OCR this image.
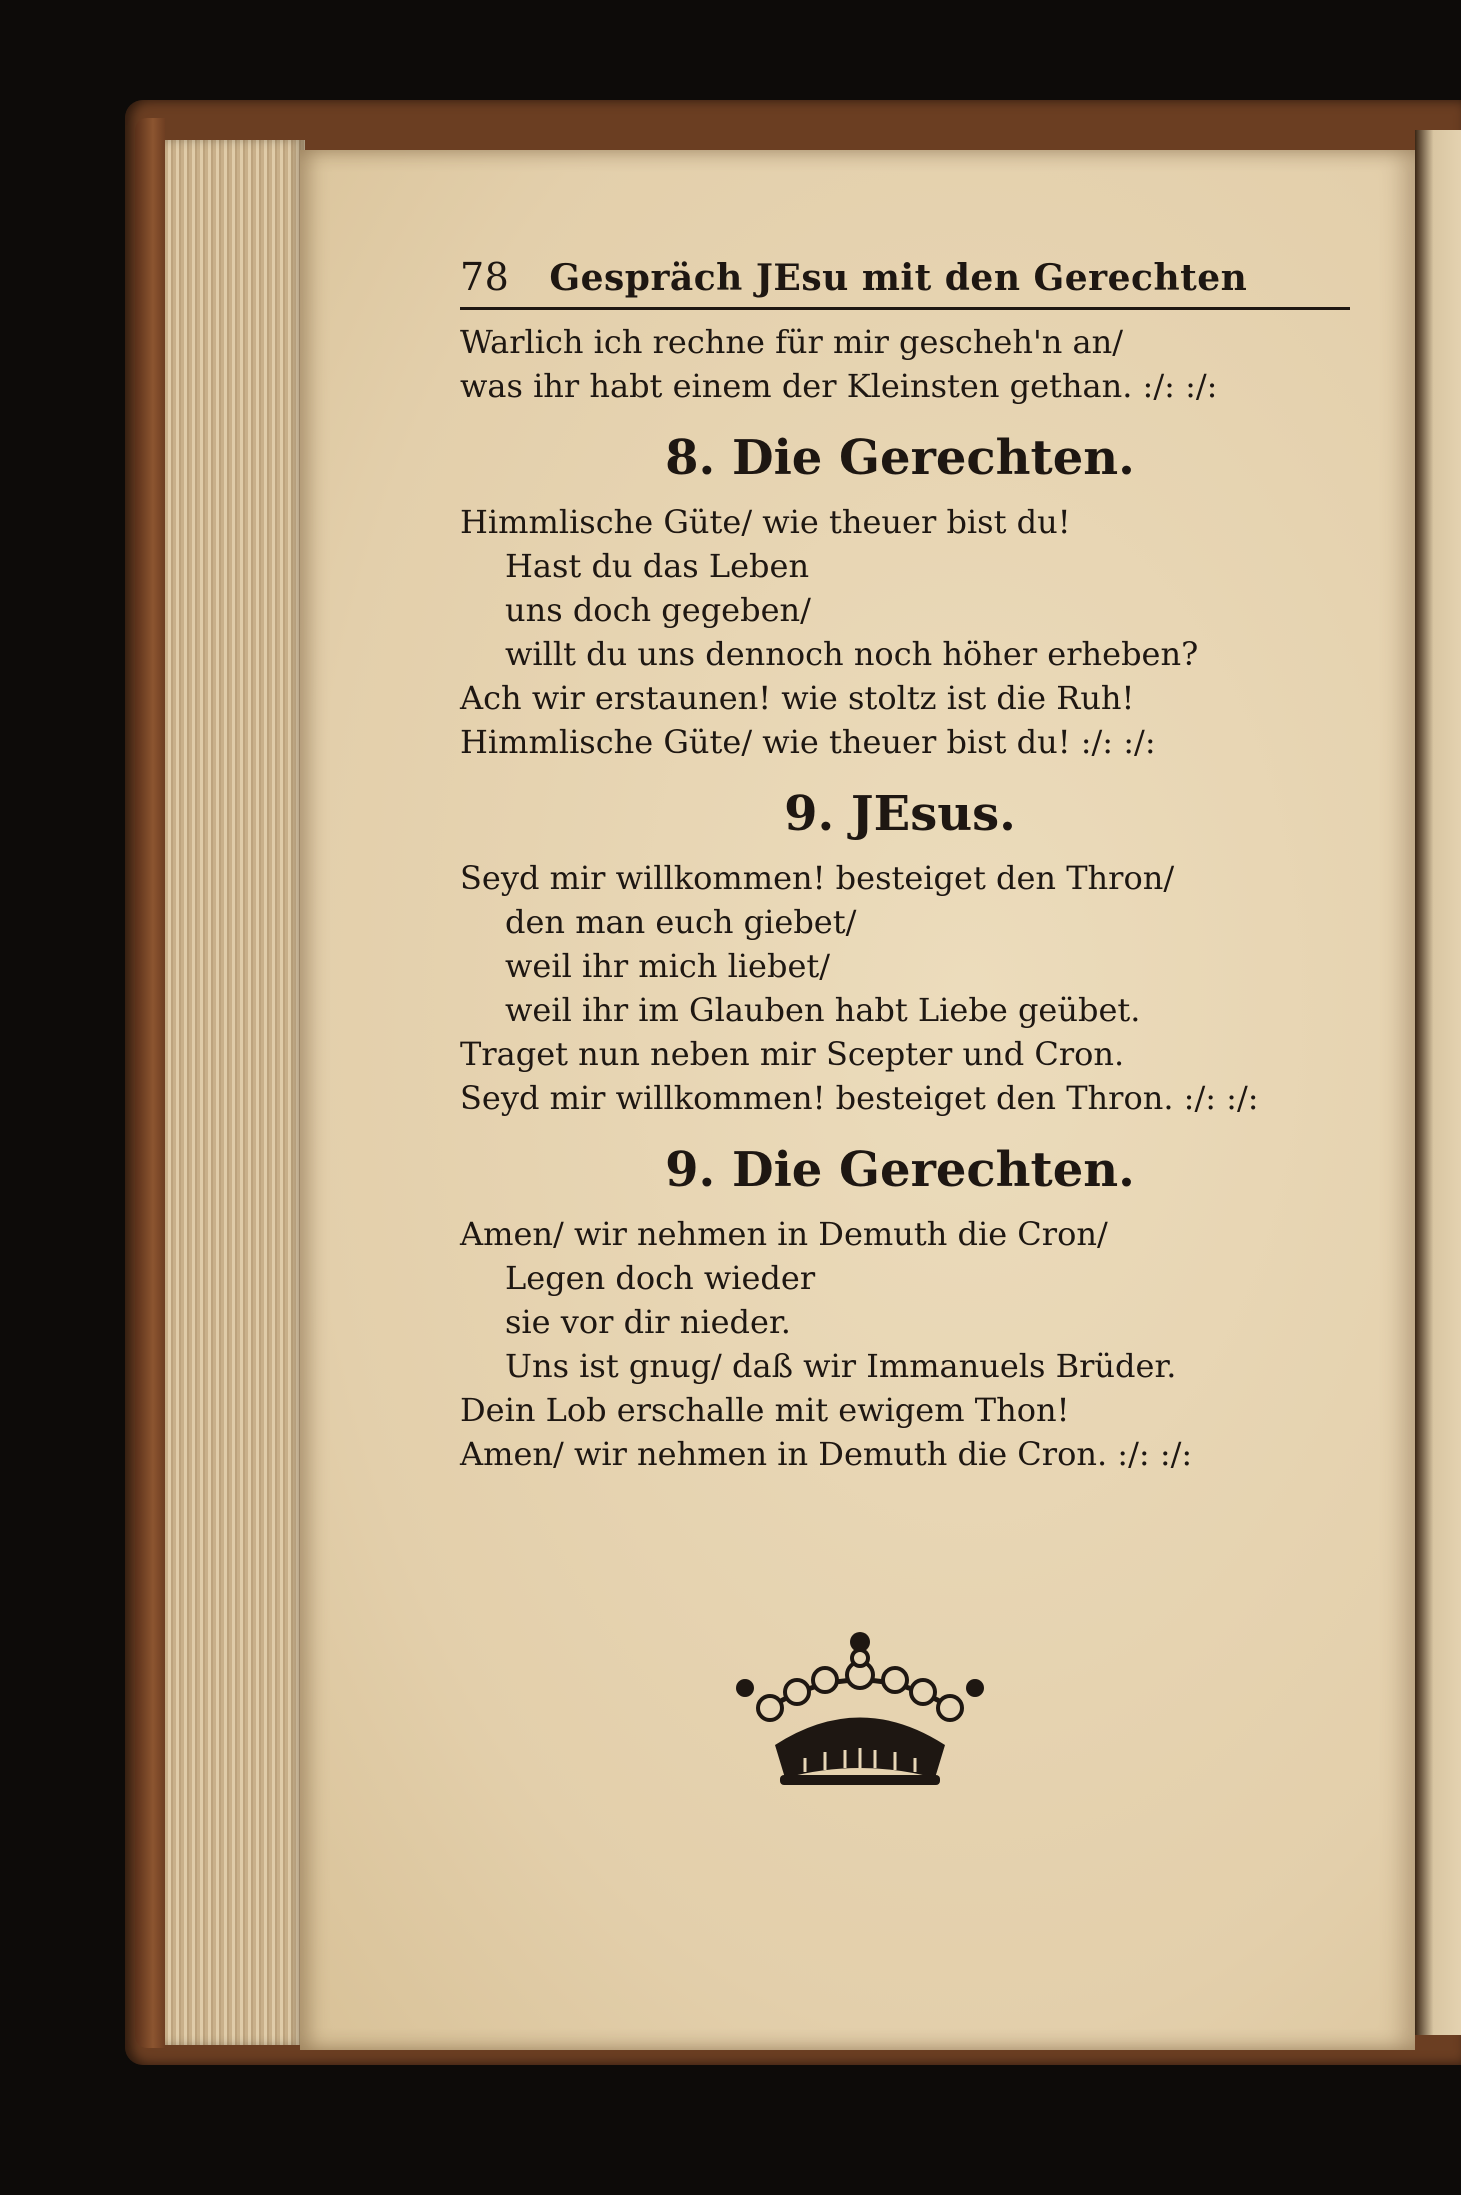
78 Gespräch JEsu mit den Gerechten
Warlich ich rechne für mir gescheh'n an/
was ihr habt einem der Kleinsten gethan. :/: :/:
8. Die Gerechten.
Himmlische Güte/ wie theuer bist du!
Hast du das Leben
uns doch gegeben/
willt du uns dennoch noch höher erheben?
Ach wir erstaunen! wie stoltz ist die Ruh!
Himmlische Güte/ wie theuer bist du! :/: :/:
9. JEsus.
Seyd mir willkommen! besteiget den Thron/
den man euch giebet/
weil ihr mich liebet/
weil ihr im Glauben habt Liebe geübet.
Traget nun neben mir Scepter und Cron.
Seyd mir willkommen! besteiget den Thron. :/: :/:
9. Die Gerechten.
Amen/ wir nehmen in Demuth die Cron/
Legen doch wieder
sie vor dir nieder.
Uns ist gnug/ daß wir Immanuels Brüder.
Dein Lob erschalle mit ewigem Thon!
Amen/ wir nehmen in Demuth die Cron. :/: :/:
